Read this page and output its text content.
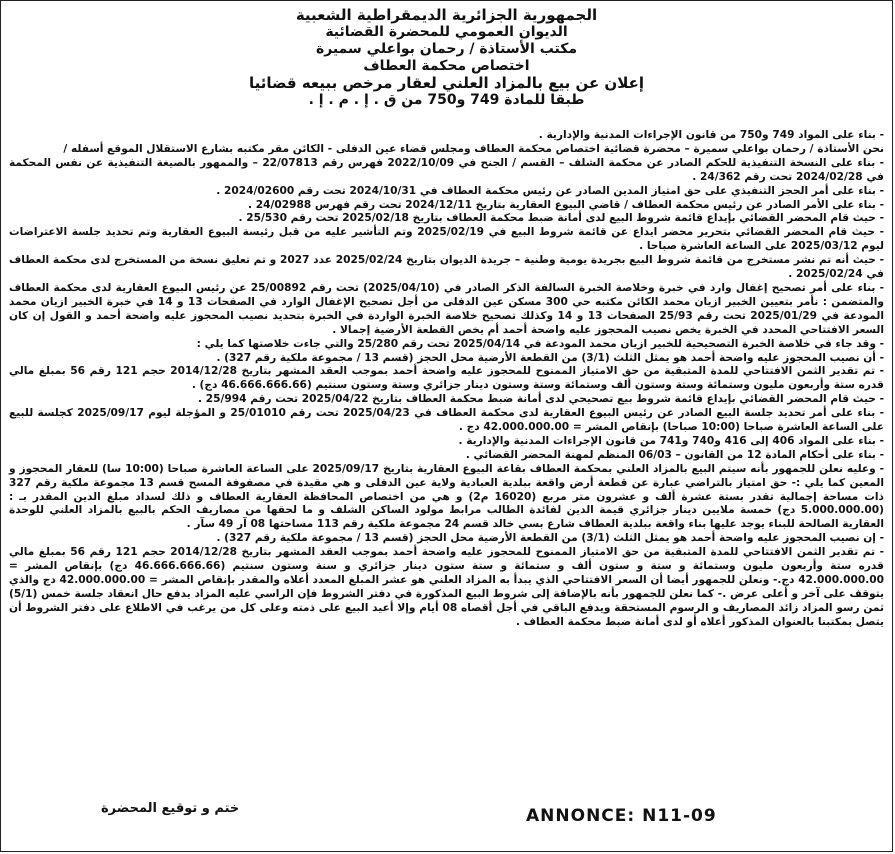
الجمهورية الجزائرية الديمقراطية الشعبية
الديوان العمومي للمحضرة القضائية
مكتب الأستاذة / رحمان بواعلي سميرة
اختصاص محكمة العطاف
إعلان عن بيع بالمزاد العلني لعقار مرخص ببيعه قضائيا
طبقا للمادة 749 و750 من ق . إ . م . إ .

- بناء على المواد 749 و750 من قانون الإجراءات المدنية والإدارية .

نحن الأستاذة / رحمان بواعلي سميرة – محضرة قضائية اختصاص محكمة العطاف ومجلس قضاء عين الدفلى - الكائن مقر مكتبه بشارع الاستقلال الموقع أسفله /

- بناء على النسخة التنفيذية للحكم الصادر عن محكمة الشلف – القسم / الجنح في 2022/10/09 فهرس رقم 22/07813 – والممهور بالصيغة التنفيذية عن نفس المحكمة في 2024/02/28 تحت رقم 24/362 .

- بناء على أمر الحجز التنفيذي على حق امتياز المدين الصادر عن رئيس محكمة العطاف في 2024/10/31 تحت رقم 2024/02600 .

- بناء على الأمر الصادر عن رئيس محكمة العطاف / قاضي البيوع العقارية بتاريخ 2024/12/11 تحت رقم فهرس 24/02988 .

- حيث قام المحضر القضائي بإيداع قائمة شروط البيع لدى أمانة ضبط محكمة العطاف بتاريخ 2025/02/18 تحت رقم 25/530 .

- حيث قام المحضر القضائي بتحرير محضر ايداع عن قائمة شروط البيع في 2025/02/19 وتم التأشير عليه من قبل رئيسة البيوع العقارية وتم تحديد جلسة الاعتراضات ليوم 2025/03/12 على الساعة العاشرة صباحا .

- حيث أنه تم نشر مستخرج من قائمة شروط البيع بجريدة يومية وطنية – جريدة الديوان بتاريخ 2025/02/24 عدد 2027 و تم تعليق نسخة من المستخرج لدى محكمة العطاف في 2025/02/24 .

- بناء على أمر تصحيح إغفال وارد في خبرة وخلاصة الخبرة السالفة الذكر الصادر في (2025/04/10) تحت رقم 25/00892 عن رئيس البيوع العقارية لدى محكمة العطاف والمتضمن : نأمر بتعيين الخبير ازيان محمد الكائن مكتبه حي 300 مسكن عين الدفلى من أجل تصحيح الإغفال الوارد في الصفحات 13 و 14 في خبرة الخبير ازيان محمد المودعة في 2025/01/29 تحت رقم 25/93 الصفحات 13 و 14 وكذلك تصحيح خلاصة الخبرة الواردة في الخبرة بتحديد نصيب المحجوز عليه واضحة أحمد و القول إن كان السعر الافتتاحي المحدد في الخبرة يخص نصيب المحجوز عليه واضحة أحمد أم يخص القطعة الأرضية إجمالا .

- وقد جاء في خلاصة الخبرة التصحيحية للخبير ازيان محمد المودعة في 2025/04/14 تحت رقم 25/280 والتي جاءت خلاصتها كما يلي :

- أن نصيب المحجوز عليه واضحة أحمد هو يمثل الثلث (3/1) من القطعة الأرضية محل الحجز (قسم 13 / مجموعة ملكية رقم 327) .

- تم تقدير الثمن الافتتاحي للمدة المتبقية من حق الامتياز الممنوح للمحجوز عليه واضحة أحمد بموجب العقد المشهر بتاريخ 2014/12/28 حجم 121 رقم 56 بمبلغ مالي قدره ستة وأربعون مليون وستمائة وستة وستون ألف وستمائة وستة وستون دينار جزائري وستة وستون سنتيم (46.666.666.66 دج) .

- حيث قام المحضر القضائي بإيداع قائمة شروط بيع تصحيحي لدى أمانة ضبط محكمة العطاف بتاريخ 2025/04/22 تحت رقم 25/994 .

- بناء على أمر تحديد جلسة البيع الصادر عن رئيس البيوع العقارية لدى محكمة العطاف في 2025/04/23 تحت رقم 25/01010 و المؤجلة ليوم 2025/09/17 كجلسة للبيع على الساعة العاشرة صباحا (10:00 صباحا) بإنقاص المشر = 42.000.000.00 دج .

- بناء على المواد 406 إلى 416 و740 و741 من قانون الإجراءات المدنية والإدارية .

- بناء على أحكام المادة 12 من القانون – 06/03 المنظم لمهنة المحضر القضائي .

- وعليه نعلن للجمهور بأنه سيتم البيع بالمزاد العلني بمحكمة العطاف بقاعة البيوع العقارية بتاريخ 2025/09/17 على الساعة العاشرة صباحا (10:00 سا) للعقار المحجوز و المعين كما يلي :- حق امتياز بالتراضي عبارة عن قطعة أرض واقعة ببلدية العبادية ولاية عين الدفلى و هي مقيدة في مصفوفة المسح قسم 13 مجموعة ملكية رقم 327 ذات مساحة إجمالية تقدر بستة عشرة ألف و عشرون متر مربع (16020 م2) و هي من اختصاص المحافظة العقارية العطاف و ذلك لسداد مبلغ الدين المقدر بـ : (5.000.000.00 دج) خمسة ملايين دينار جزائري قيمة الدين لفائدة الطالب مرابط مولود الساكن الشلف و ما لحقها من مصاريف الحكم بالبيع بالمزاد العلني للوحدة العقارية الصالحة للبناء يوجد عليها بناء واقعة ببلدية العطاف شارع بسي خالد قسم 24 مجموعة ملكية رقم 113 مساحتها 08 آر 49 سآر .

- إن نصيب المحجوز عليه واضحة أحمد هو يمثل الثلث (3/1) من القطعة الأرضية محل الحجز (قسم 13 / مجموعة ملكية رقم 327) .

- تم تقدير الثمن الافتتاحي للمدة المتبقية من حق الامتياز الممنوح للمحجوز عليه واضحة أحمد بموجب العقد المشهر بتاريخ 2014/12/28 حجم 121 رقم 56 بمبلغ مالي قدره ستة وأربعون مليون وستمائة و ستة و ستون ألف و ستمائة و ستة ستون دينار جزائري و سنة وستون سنتيم (46.666.666.66 دج) بإنقاص المشر = 42.000.000.00 دج.- ونعلن للجمهور أيضا أن السعر الافتتاحي الذي يبدأ به المزاد العلني هو عشر المبلغ المعدد أعلاه والمقدر بإنقاص المشر = 42.000.000.00 دج والذي يتوقف على آخر و أعلى عرض .- كما نعلن للجمهور بأنه بالإضافة إلى شروط البيع المذكورة في دفتر الشروط فإن الراسي عليه المزاد يدفع حال انعقاد جلسة خمس (5/1) ثمن رسو المزاد زائد المصاريف و الرسوم المستحقة ويدفع الباقي في أجل أقصاه 08 أيام وإلا أعيد البيع على ذمته وعلى كل من يرغب في الاطلاع على دفتر الشروط أن يتصل بمكتبنا بالعنوان المذكور أعلاه أو لدى أمانة ضبط محكمة العطاف .

ختم و توقيع المحضرة	ANNONCE: N11-09
